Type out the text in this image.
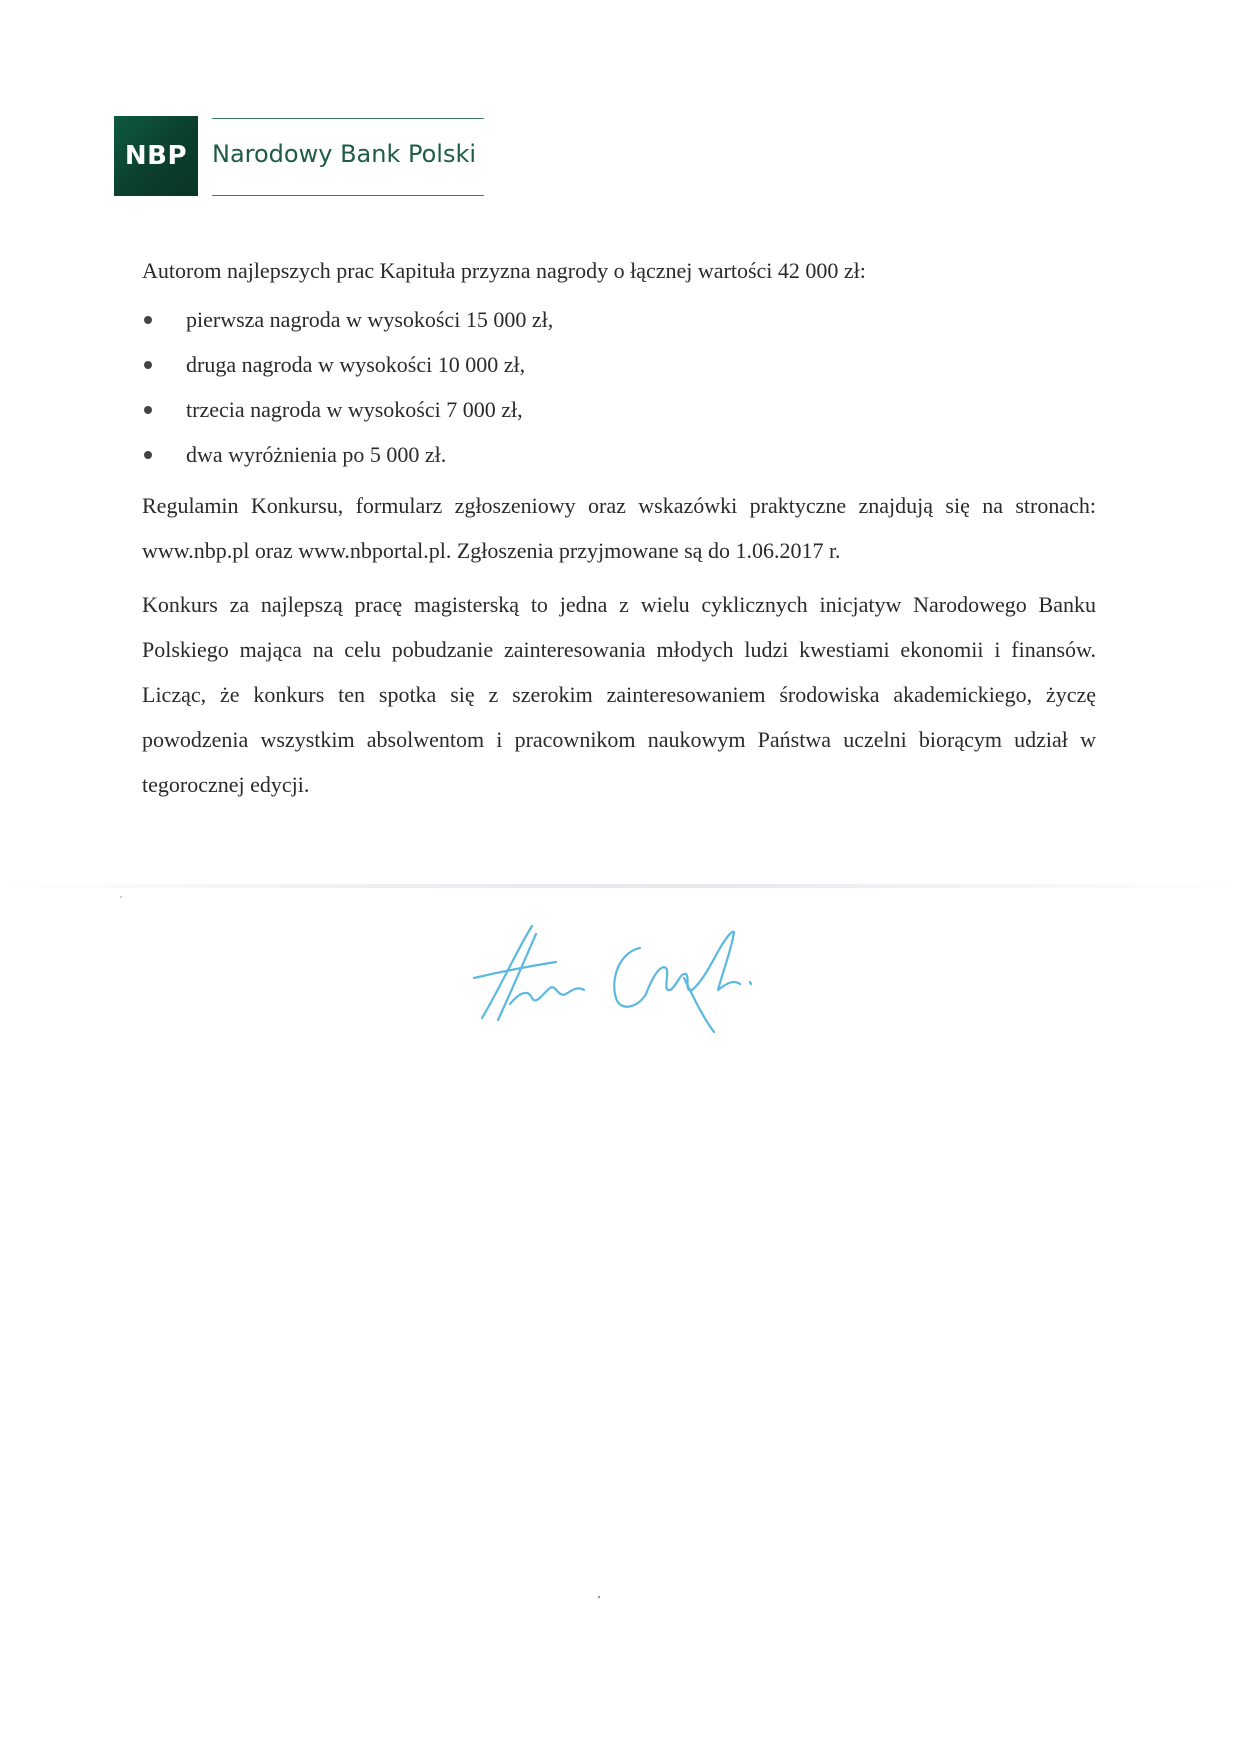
NBP Narodowy Bank Polski

Autorom najlepszych prac Kapituła przyzna nagrody o łącznej wartości 42 000 zł:

pierwsza nagroda w wysokości 15 000 zł,
druga nagroda w wysokości 10 000 zł,
trzecia nagroda w wysokości 7 000 zł,
dwa wyróżnienia po 5 000 zł.

Regulamin Konkursu, formularz zgłoszeniowy oraz wskazówki praktyczne znajdują się na stronach: www.nbp.pl oraz www.nbportal.pl. Zgłoszenia przyjmowane są do 1.06.2017 r.

Konkurs za najlepszą pracę magisterską to jedna z wielu cyklicznych inicjatyw Narodowego Banku Polskiego mająca na celu pobudzanie zainteresowania młodych ludzi kwestiami ekonomii i finansów. Licząc, że konkurs ten spotka się z szerokim zainteresowaniem środowiska akademickiego, życzę powodzenia wszystkim absolwentom i pracownikom naukowym Państwa uczelni biorącym udział w tegorocznej edycji.
